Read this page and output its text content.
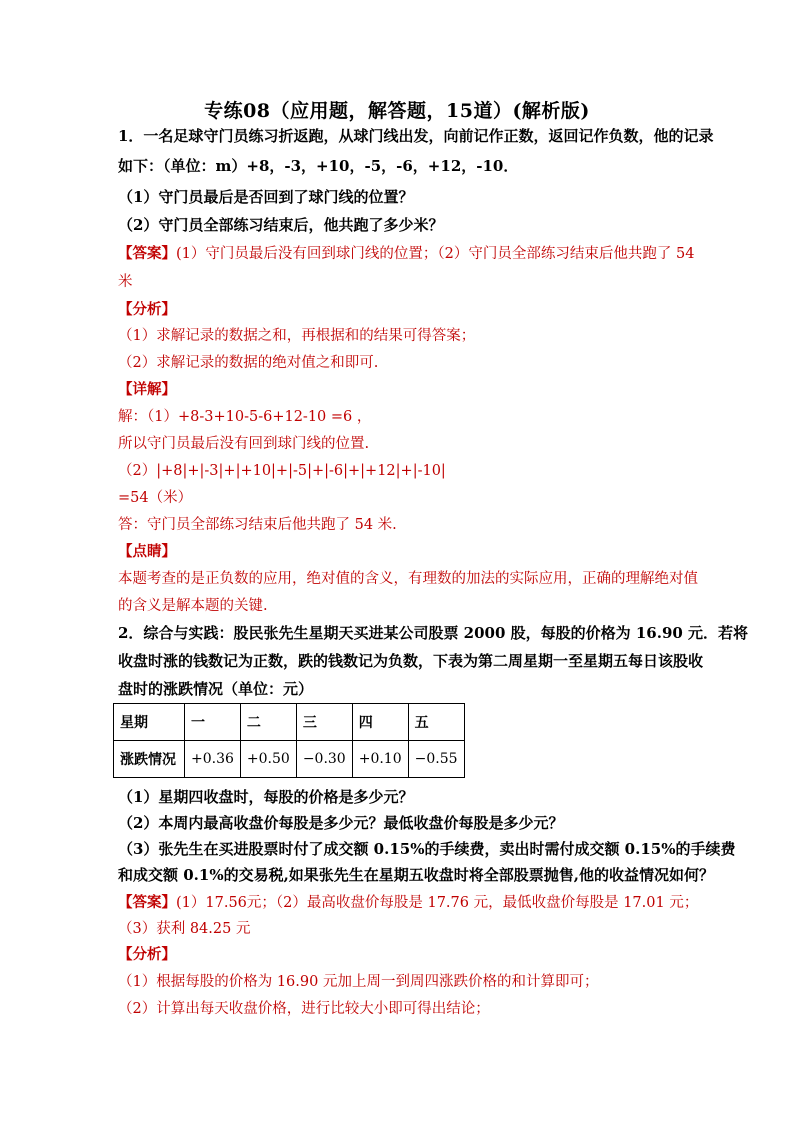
专练08（应用题，解答题，15道）(解析版)
1．一名足球守门员练习折返跑，从球门线出发，向前记作正数，返回记作负数，他的记录
如下：（单位：m）+8，-3，+10，-5，-6，+12，-10．
（1）守门员最后是否回到了球门线的位置？
（2）守门员全部练习结束后，他共跑了多少米？
【答案】(1）守门员最后没有回到球门线的位置；（2）守门员全部练习结束后他共跑了 54
米
【分析】
（1）求解记录的数据之和，再根据和的结果可得答案；
（2）求解记录的数据的绝对值之和即可.
【详解】
解：（1）+8-3+10-5-6+12-10 =6 ，
所以守门员最后没有回到球门线的位置.
（2）|+8|+|-3|+|+10|+|-5|+|-6|+|+12|+|-10|
=54（米）
答：守门员全部练习结束后他共跑了 54 米.
【点睛】
本题考查的是正负数的应用，绝对值的含义，有理数的加法的实际应用，正确的理解绝对值
的含义是解本题的关键.
2．综合与实践：股民张先生星期天买进某公司股票 2000 股，每股的价格为 16.90 元．若将
收盘时涨的钱数记为正数，跌的钱数记为负数，下表为第二周星期一至星期五每日该股收
盘时的涨跌情况（单位：元）
星期	一	二	三	四	五
涨跌情况	+0.36	+0.50	−0.30	+0.10	−0.55
（1）星期四收盘时，每股的价格是多少元？
（2）本周内最高收盘价每股是多少元？最低收盘价每股是多少元？
（3）张先生在买进股票时付了成交额 0.15%的手续费，卖出时需付成交额 0.15%的手续费
和成交额 0.1%的交易税,如果张先生在星期五收盘时将全部股票抛售,他的收益情况如何？
【答案】(1）17.56元；（2）最高收盘价每股是 17.76 元，最低收盘价每股是 17.01 元；
（3）获利 84.25 元
【分析】
（1）根据每股的价格为 16.90 元加上周一到周四涨跌价格的和计算即可；
（2）计算出每天收盘价格，进行比较大小即可得出结论；
